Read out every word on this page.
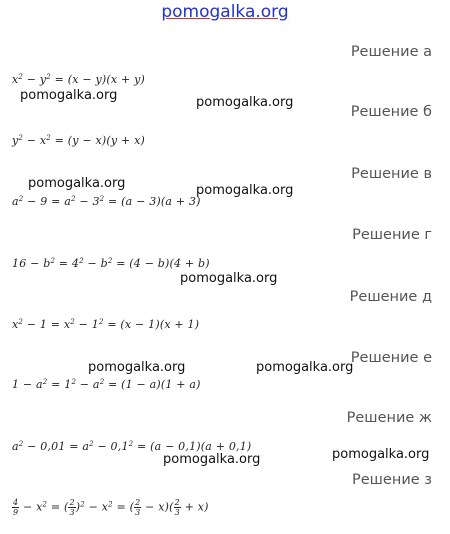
pomogalka.org
Решение а
$x^2 - y^2 = (x - y)(x + y)$
Решение б
$y^2 - x^2 = (y - x)(y + x)$
Решение в
$a^2 - 9 = a^2 - 3^2 = (a - 3)(a + 3)$
Решение г
$16 - b^2 = 4^2 - b^2 = (4 - b)(4 + b)$
Решение д
$x^2 - 1 = x^2 - 1^2 = (x - 1)(x + 1)$
Решение е
$1 - a^2 = 1^2 - a^2 = (1 - a)(1 + a)$
Решение ж
$a^2 - 0,01 = a^2 - 0,1^2 = (a - 0,1)(a + 0,1)$
Решение з
$\frac{4}{9} - x^2$ = ( $\frac{2}{3} )^2 - x^2$ = ( $\frac{2}{3} - x)( \frac{2}{3} + x)$
pomogalka.org	pomogalka.org
pomogalka.org	pomogalka.org
pomogalka.org
pomogalka.org	pomogalka.org
pomogalka.org	pomogalka.org
